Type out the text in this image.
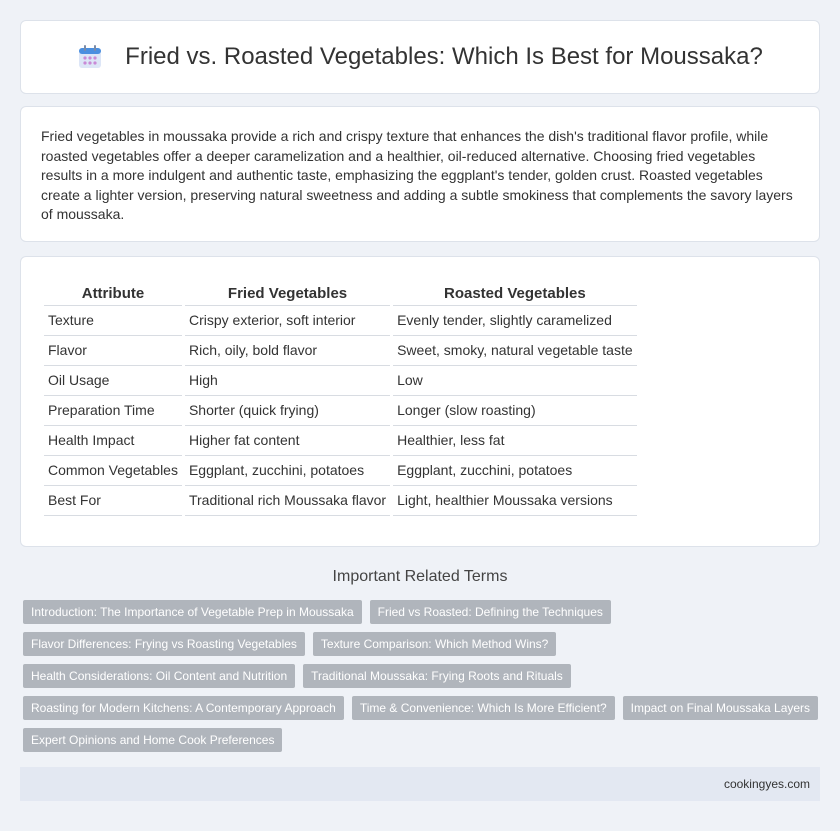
Fried vs. Roasted Vegetables: Which Is Best for Moussaka?

Fried vegetables in moussaka provide a rich and crispy texture that enhances the dish's traditional flavor profile, while roasted vegetables offer a deeper caramelization and a healthier, oil-reduced alternative. Choosing fried vegetables results in a more indulgent and authentic taste, emphasizing the eggplant's tender, golden crust. Roasted vegetables create a lighter version, preserving natural sweetness and adding a subtle smokiness that complements the savory layers of moussaka.

Attribute	Fried Vegetables	Roasted Vegetables
Texture	Crispy exterior, soft interior	Evenly tender, slightly caramelized
Flavor	Rich, oily, bold flavor	Sweet, smoky, natural vegetable taste
Oil Usage	High	Low
Preparation Time	Shorter (quick frying)	Longer (slow roasting)
Health Impact	Higher fat content	Healthier, less fat
Common Vegetables	Eggplant, zucchini, potatoes	Eggplant, zucchini, potatoes
Best For	Traditional rich Moussaka flavor	Light, healthier Moussaka versions
Important Related Terms
Introduction: The Importance of Vegetable Prep in Moussaka	Fried vs Roasted: Defining the Techniques
Flavor Differences: Frying vs Roasting Vegetables	Texture Comparison: Which Method Wins?
Health Considerations: Oil Content and Nutrition	Traditional Moussaka: Frying Roots and Rituals
Roasting for Modern Kitchens: A Contemporary Approach	Time & Convenience: Which Is More Efficient?	Impact on Final Moussaka Layers
Expert Opinions and Home Cook Preferences
cookingyes.com
